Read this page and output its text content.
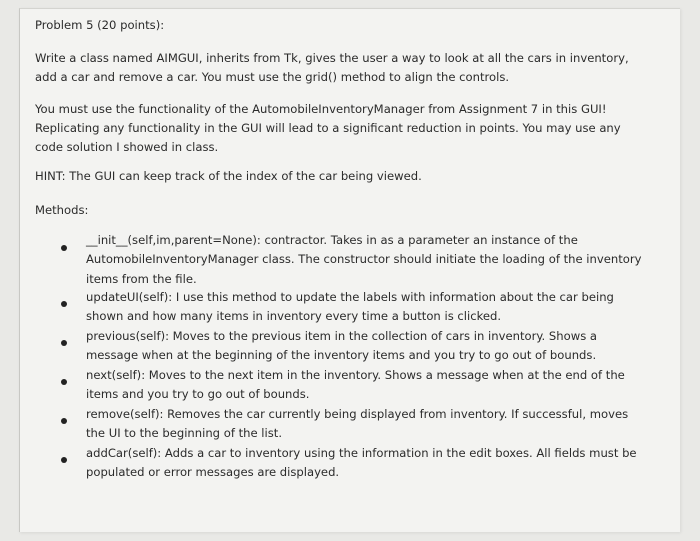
Problem 5 (20 points):

Write a class named AIMGUI, inherits from Tk, gives the user a way to look at all the cars in inventory,
add a car and remove a car. You must use the grid() method to align the controls.
You must use the functionality of the AutomobileInventoryManager from Assignment 7 in this GUI!
Replicating any functionality in the GUI will lead to a significant reduction in points. You may use any
code solution I showed in class.

HINT: The GUI can keep track of the index of the car being viewed.

Methods:

__init__(self,im,parent=None): contractor. Takes in as a parameter an instance of the
AutomobileInventoryManager class. The constructor should initiate the loading of the inventory
items from the file.
updateUI(self): I use this method to update the labels with information about the car being
shown and how many items in inventory every time a button is clicked.
previous(self): Moves to the previous item in the collection of cars in inventory. Shows a
message when at the beginning of the inventory items and you try to go out of bounds.
next(self): Moves to the next item in the inventory. Shows a message when at the end of the
items and you try to go out of bounds.
remove(self): Removes the car currently being displayed from inventory. If successful, moves
the UI to the beginning of the list.
addCar(self): Adds a car to inventory using the information in the edit boxes. All fields must be
populated or error messages are displayed.
